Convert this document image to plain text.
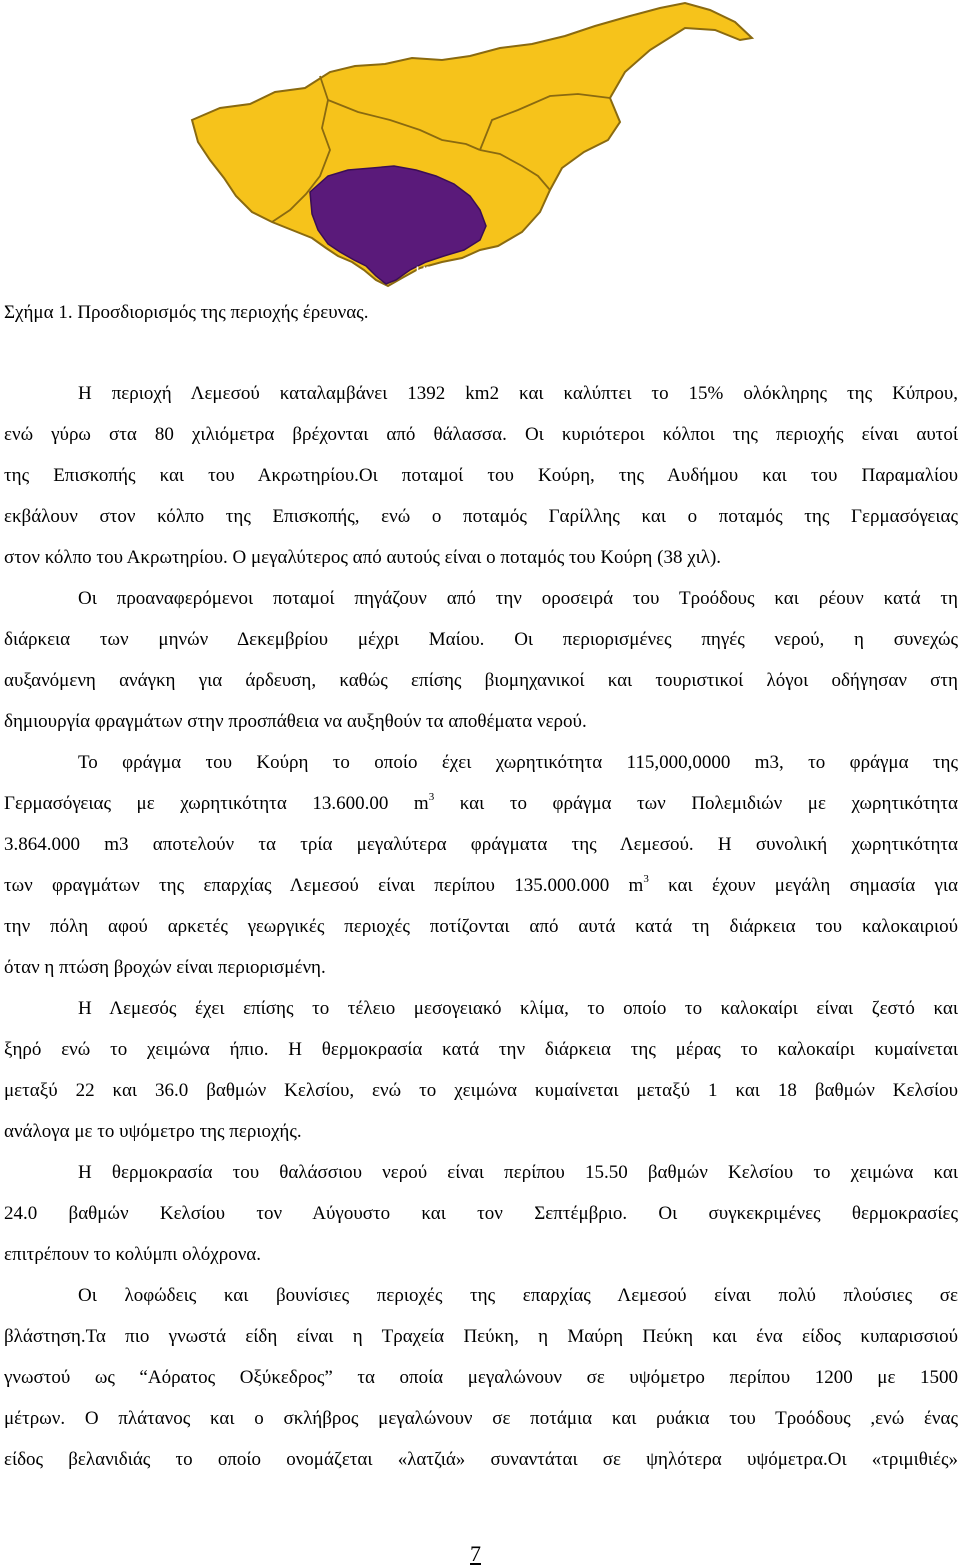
LIMASSOL
Σχήμα 1. Προσδιορισμός της περιοχής έρευνας.
Η περιοχή Λεμεσού καταλαμβάνει 1392 km2 και καλύπτει το 15% ολόκληρης της Κύπρου,
ενώ γύρω στα 80 χιλιόμετρα βρέχονται από θάλασσα. Οι κυριότεροι κόλποι της περιοχής είναι αυτοί
της Επισκοπής και του Ακρωτηρίου.Οι ποταμοί του Κούρη, της Αυδήμου και του Παραμαλίου
εκβάλουν στον κόλπο της Επισκοπής, ενώ ο ποταμός Γαρίλλης και ο ποταμός της Γερμασόγειας
στον κόλπο του Ακρωτηρίου. Ο μεγαλύτερος από αυτούς είναι ο ποταμός του Κούρη (38 χιλ).
Οι προαναφερόμενοι ποταμοί πηγάζουν από την οροσειρά του Τροόδους και ρέουν κατά τη
διάρκεια των μηνών Δεκεμβρίου μέχρι Μαίου. Οι περιορισμένες πηγές νερού, η συνεχώς
αυξανόμενη ανάγκη για άρδευση, καθώς επίσης βιομηχανικοί και τουριστικοί λόγοι οδήγησαν στη
δημιουργία φραγμάτων στην προσπάθεια να αυξηθούν τα αποθέματα νερού.
Το φράγμα του Κούρη το οποίο έχει χωρητικότητα 115,000,0000 m3, το φράγμα της
Γερμασόγειας με χωρητικότητα 13.600.00 $m^3$ και το φράγμα των Πολεμιδιών με χωρητικότητα
3.864.000 m3 αποτελούν τα τρία μεγαλύτερα φράγματα της Λεμεσού. Η συνολική χωρητικότητα
των φραγμάτων της επαρχίας Λεμεσού είναι περίπου 135.000.000 $m^3$ και έχουν μεγάλη σημασία για
την πόλη αφού αρκετές γεωργικές περιοχές ποτίζονται από αυτά κατά τη διάρκεια του καλοκαιριού
όταν η πτώση βροχών είναι περιορισμένη.
Η Λεμεσός έχει επίσης το τέλειο μεσογειακό κλίμα, το οποίο το καλοκαίρι είναι ζεστό και
ξηρό ενώ το χειμώνα ήπιο. Η θερμοκρασία κατά την διάρκεια της μέρας το καλοκαίρι κυμαίνεται
μεταξύ 22 και 36.0 βαθμών Κελσίου, ενώ το χειμώνα κυμαίνεται μεταξύ 1 και 18 βαθμών Κελσίου
ανάλογα με το υψόμετρο της περιοχής.
Η θερμοκρασία του θαλάσσιου νερού είναι περίπου 15.50 βαθμών Κελσίου το χειμώνα και
24.0 βαθμών Κελσίου τον Αύγουστο και τον Σεπτέμβριο. Οι συγκεκριμένες θερμοκρασίες
επιτρέπουν το κολύμπι ολόχρονα.
Οι λοφώδεις και βουνίσιες περιοχές της επαρχίας Λεμεσού είναι πολύ πλούσιες σε
βλάστηση.Τα πιο γνωστά είδη είναι η Τραχεία Πεύκη, η Μαύρη Πεύκη και ένα είδος κυπαρισσιού
γνωστού ως “Αόρατος Οξύκεδρος” τα οποία μεγαλώνουν σε υψόμετρο περίπου 1200 με 1500
μέτρων. Ο πλάτανος και ο σκλήβρος μεγαλώνουν σε ποτάμια και ρυάκια του Τροόδους ,ενώ ένας
είδος βελανιδιάς το οποίο ονομάζεται «λατζιά» συναντάται σε ψηλότερα υψόμετρα.Οι «τριμιθιές»
7
